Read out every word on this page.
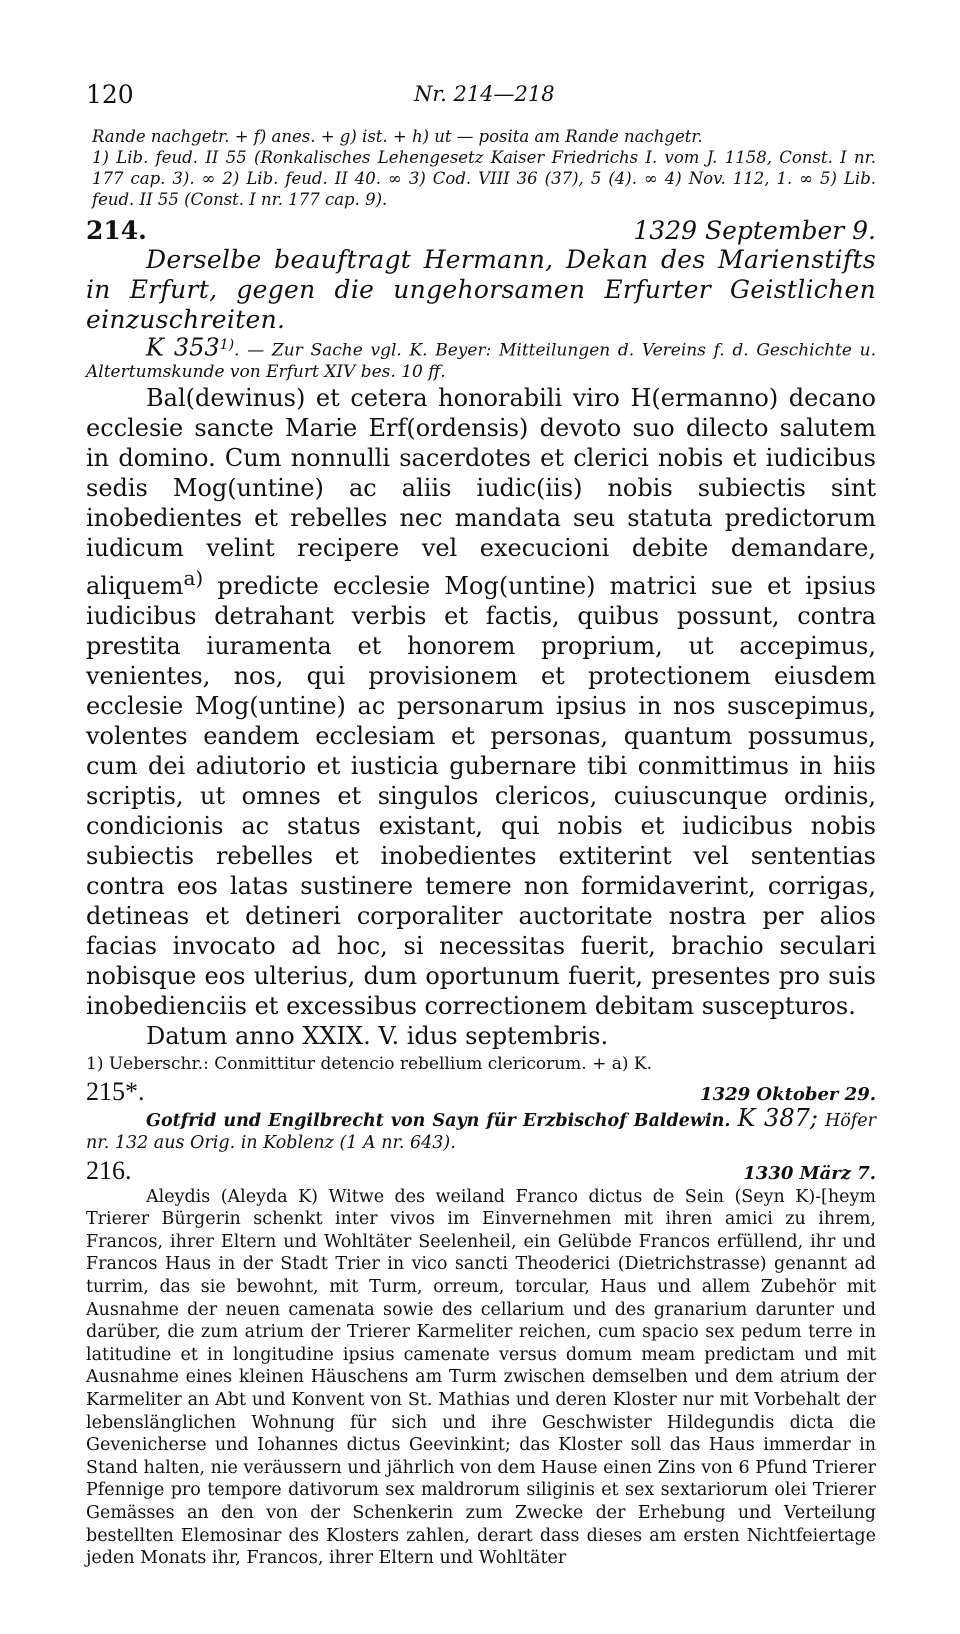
120	Nr. 214—218
Rande nachgetr. + f) anes. + g) ist. + h) ut — posita am Rande nachgetr.
1) Lib. feud. II 55 (Ronkalisches Lehengesetz Kaiser Friedrichs I. vom J. 1158, Const. I nr. 177 cap. 3). ∞ 2) Lib. feud. II 40. ∞ 3) Cod. VIII 36 (37), 5 (4). ∞ 4) Nov. 112, 1. ∞ 5) Lib. feud. II 55 (Const. I nr. 177 cap. 9).
214.	1329 September 9.
Derselbe beauftragt Hermann, Dekan des Marienstifts in Erfurt, gegen die ungehorsamen Erfurter Geistlichen einzuschreiten.
K 353$^{1)}$. — Zur Sache vgl. K. Beyer: Mitteilungen d. Vereins f. d. Geschichte u. Altertumskunde von Erfurt XIV bes. 10 ff.
Bal(dewinus) et cetera honorabili viro H(ermanno) decano ecclesie sancte Marie Erf(ordensis) devoto suo dilecto salutem in domino. Cum nonnulli sacerdotes et clerici nobis et iudicibus sedis Mog(untine) ac aliis iudic(iis) nobis subiectis sint inobedientes et rebelles nec mandata seu statuta predictorum iudicum velint recipere vel execucioni debite demandare, aliquem$^{a)}$ predicte ecclesie Mog(untine) matrici sue et ipsius iudicibus detrahant verbis et factis, quibus possunt, contra prestita iuramenta et honorem proprium, ut accepimus, venientes, nos, qui provisionem et protectionem eiusdem ecclesie Mog(untine) ac personarum ipsius in nos suscepimus, volentes eandem ecclesiam et personas, quantum possumus, cum dei adiutorio et iusticia gubernare tibi conmittimus in hiis scriptis, ut omnes et singulos clericos, cuiuscunque ordinis, condicionis ac status existant, qui nobis et iudicibus nobis subiectis rebelles et inobedientes extiterint vel sententias contra eos latas sustinere temere non formidaverint, corrigas, detineas et detineri corporaliter auctoritate nostra per alios facias invocato ad hoc, si necessitas fuerit, brachio seculari nobisque eos ulterius, dum oportunum fuerit, presentes pro suis inobedienciis et excessibus correctionem debitam suscepturos.
Datum anno XXIX. V. idus septembris.
1) Ueberschr.: Conmittitur detencio rebellium clericorum. + a) K.
215*.	1329 Oktober 29.
Gotfrid und Engilbrecht von Sayn für Erzbischof Baldewin. K 387; Höfer nr. 132 aus Orig. in Koblenz (1 A nr. 643).
216.	1330 März 7.
Aleydis (Aleyda K) Witwe des weiland Franco dictus de Sein (Seyn K)-[heym Trierer Bürgerin schenkt inter vivos im Einvernehmen mit ihren amici zu ihrem, Francos, ihrer Eltern und Wohltäter Seelenheil, ein Gelübde Francos erfüllend, ihr und Francos Haus in der Stadt Trier in vico sancti Theoderici (Dietrichstrasse) genannt ad turrim, das sie bewohnt, mit Turm, orreum, torcular, Haus und allem Zubehör mit Ausnahme der neuen camenata sowie des cellarium und des granarium darunter und darüber, die zum atrium der Trierer Karmeliter reichen, cum spacio sex pedum terre in latitudine et in longitudine ipsius camenate versus domum meam predictam und mit Ausnahme eines kleinen Häuschens am Turm zwischen demselben und dem atrium der Karmeliter an Abt und Konvent von St. Mathias und deren Kloster nur mit Vorbehalt der lebenslänglichen Wohnung für sich und ihre Geschwister Hildegundis dicta die Gevenicherse und Iohannes dictus Geevinkint; das Kloster soll das Haus immerdar in Stand halten, nie veräussern und jährlich von dem Hause einen Zins von 6 Pfund Trierer Pfennige pro tempore dativorum sex maldrorum siliginis et sex sextariorum olei Trierer Gemässes an den von der Schenkerin zum Zwecke der Erhebung und Verteilung bestellten Elemosinar des Klosters zahlen, derart dass dieses am ersten Nichtfeiertage jeden Monats ihr, Francos, ihrer Eltern und Wohltäter
